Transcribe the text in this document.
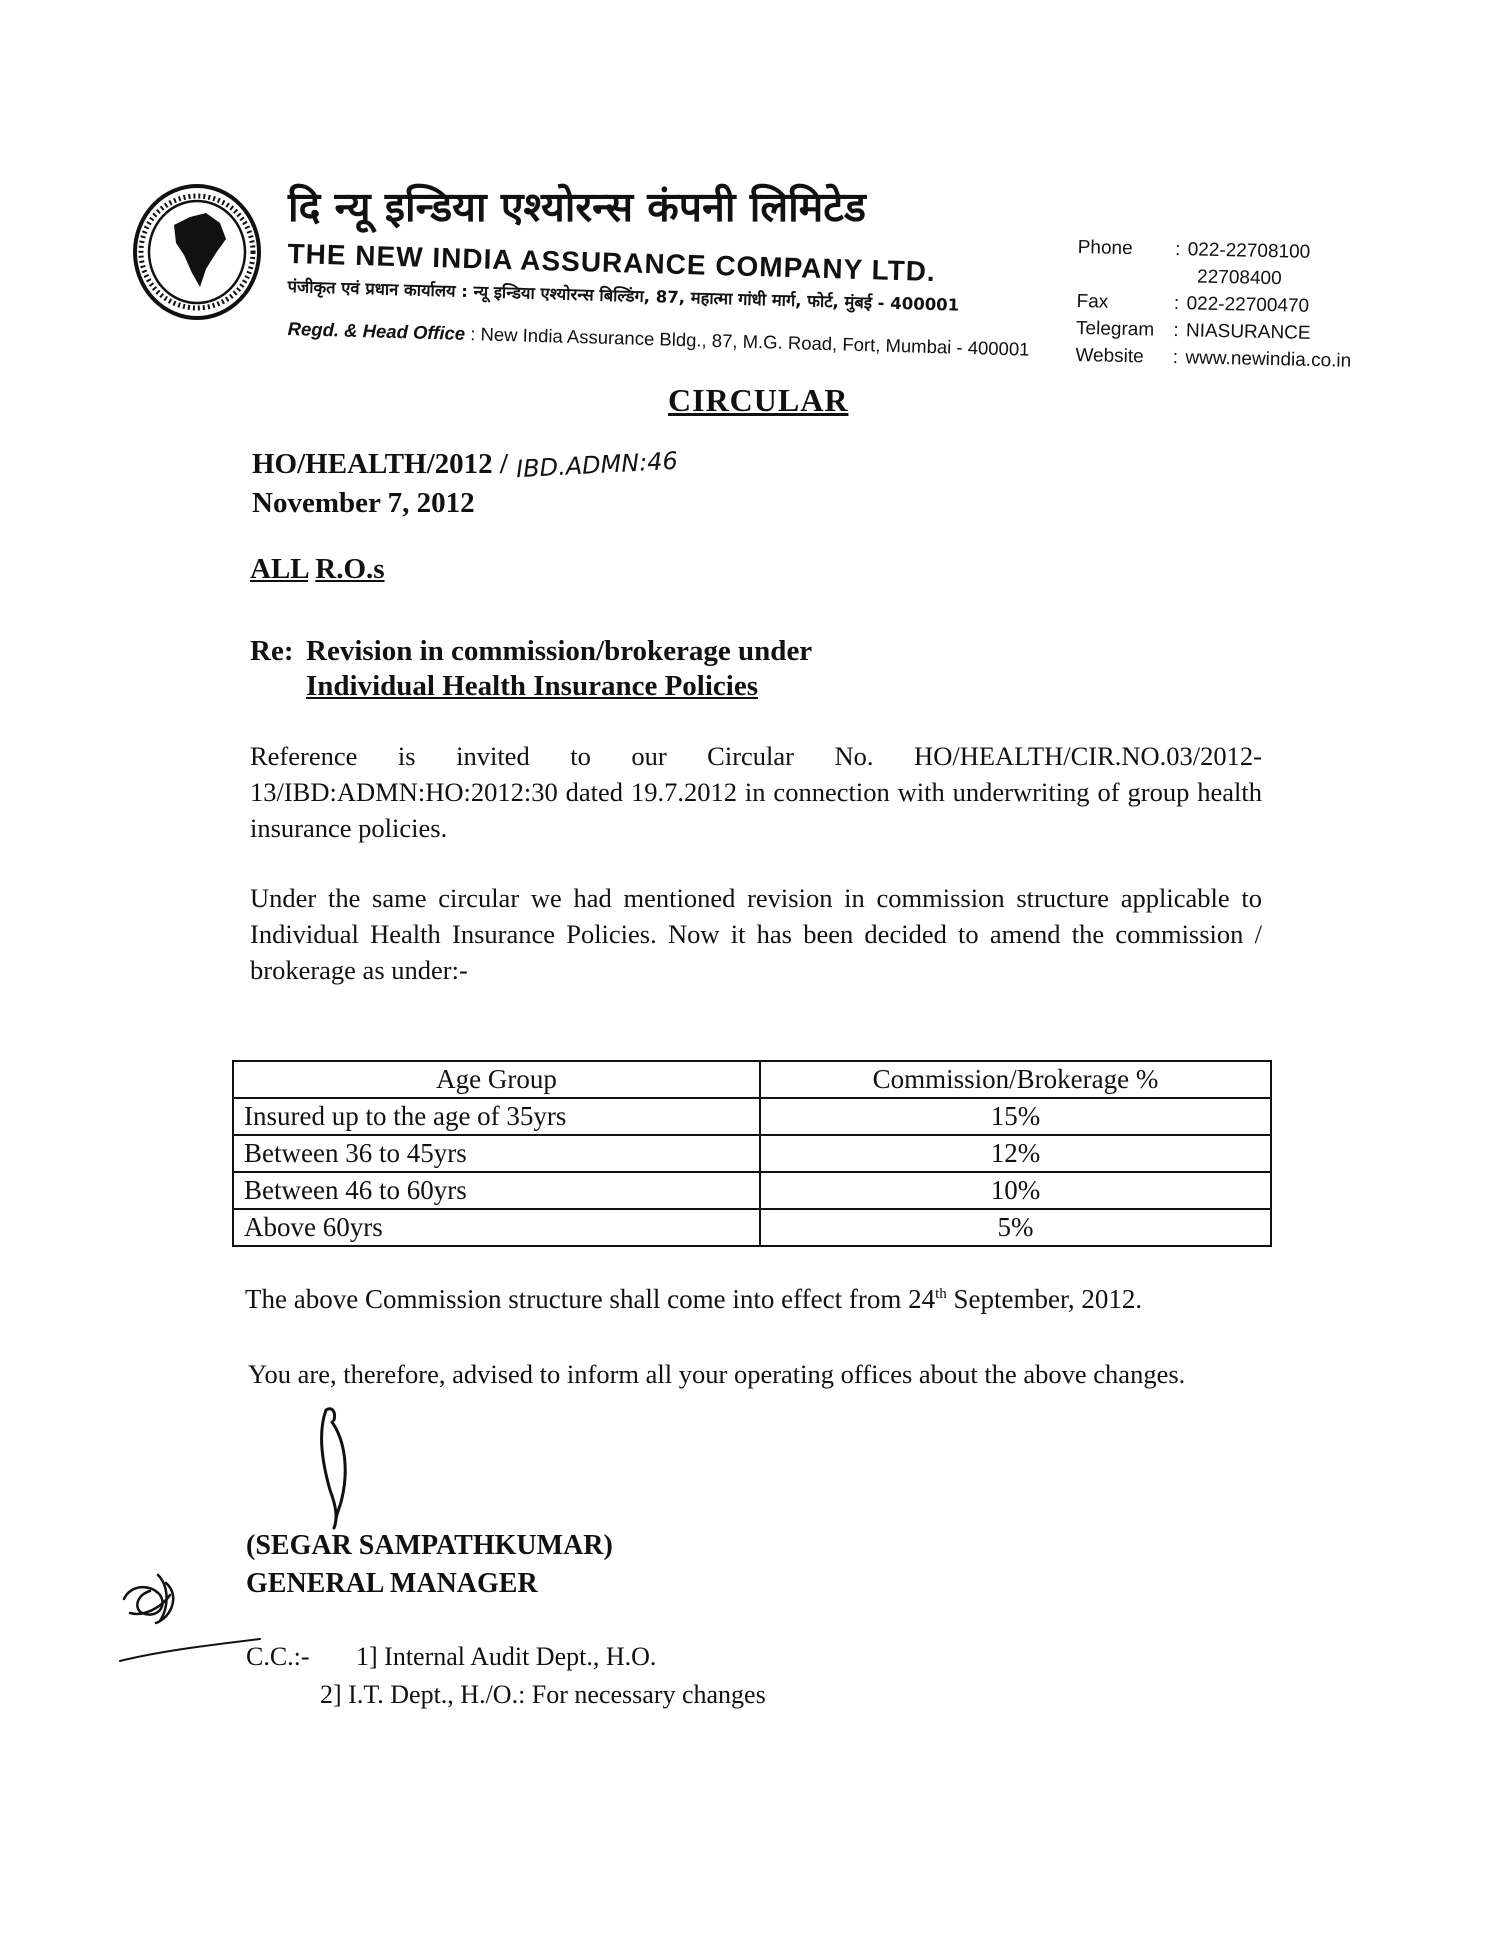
दि न्यू इन्डिया एश्योरन्स कंपनी लिमिटेड
THE NEW INDIA ASSURANCE COMPANY LTD.
पंजीकृत एवं प्रधान कार्यालय : न्यू इन्डिया एश्योरन्स बिल्डिंग, 87, महात्मा गांधी मार्ग, फोर्ट, मुंबई - 400001
Regd. & Head Office : New India Assurance Bldg., 87, M.G. Road, Fort, Mumbai - 400001
Phone	: 022-22708100
22708400
Fax	: 022-22700470
Telegram : NIASURANCE
Website	: www.newindia.co.in
CIRCULAR
HO/HEALTH/2012 / IBD.ADMN:46
November 7, 2012
ALL R.O.s
Re: Revision in commission/brokerage under
Individual Health Insurance Policies
Reference is invited to our Circular No. HO/HEALTH/CIR.NO.03/2012-13/IBD:ADMN:HO:2012:30 dated 19.7.2012 in connection with underwriting of group health insurance policies.
Under the same circular we had mentioned revision in commission structure applicable to Individual Health Insurance Policies. Now it has been decided to amend the commission / brokerage as under:-
Age Group	Commission/Brokerage %
Insured up to the age of 35yrs	15%
Between 36 to 45yrs	12%
Between 46 to 60yrs	10%
Above 60yrs	5%
The above Commission structure shall come into effect from 24th September, 2012.
You are, therefore, advised to inform all your operating offices about the above changes.
(SEGAR SAMPATHKUMAR)
GENERAL MANAGER
C.C.:- 1] Internal Audit Dept., H.O.
2] I.T. Dept., H./O.: For necessary changes
